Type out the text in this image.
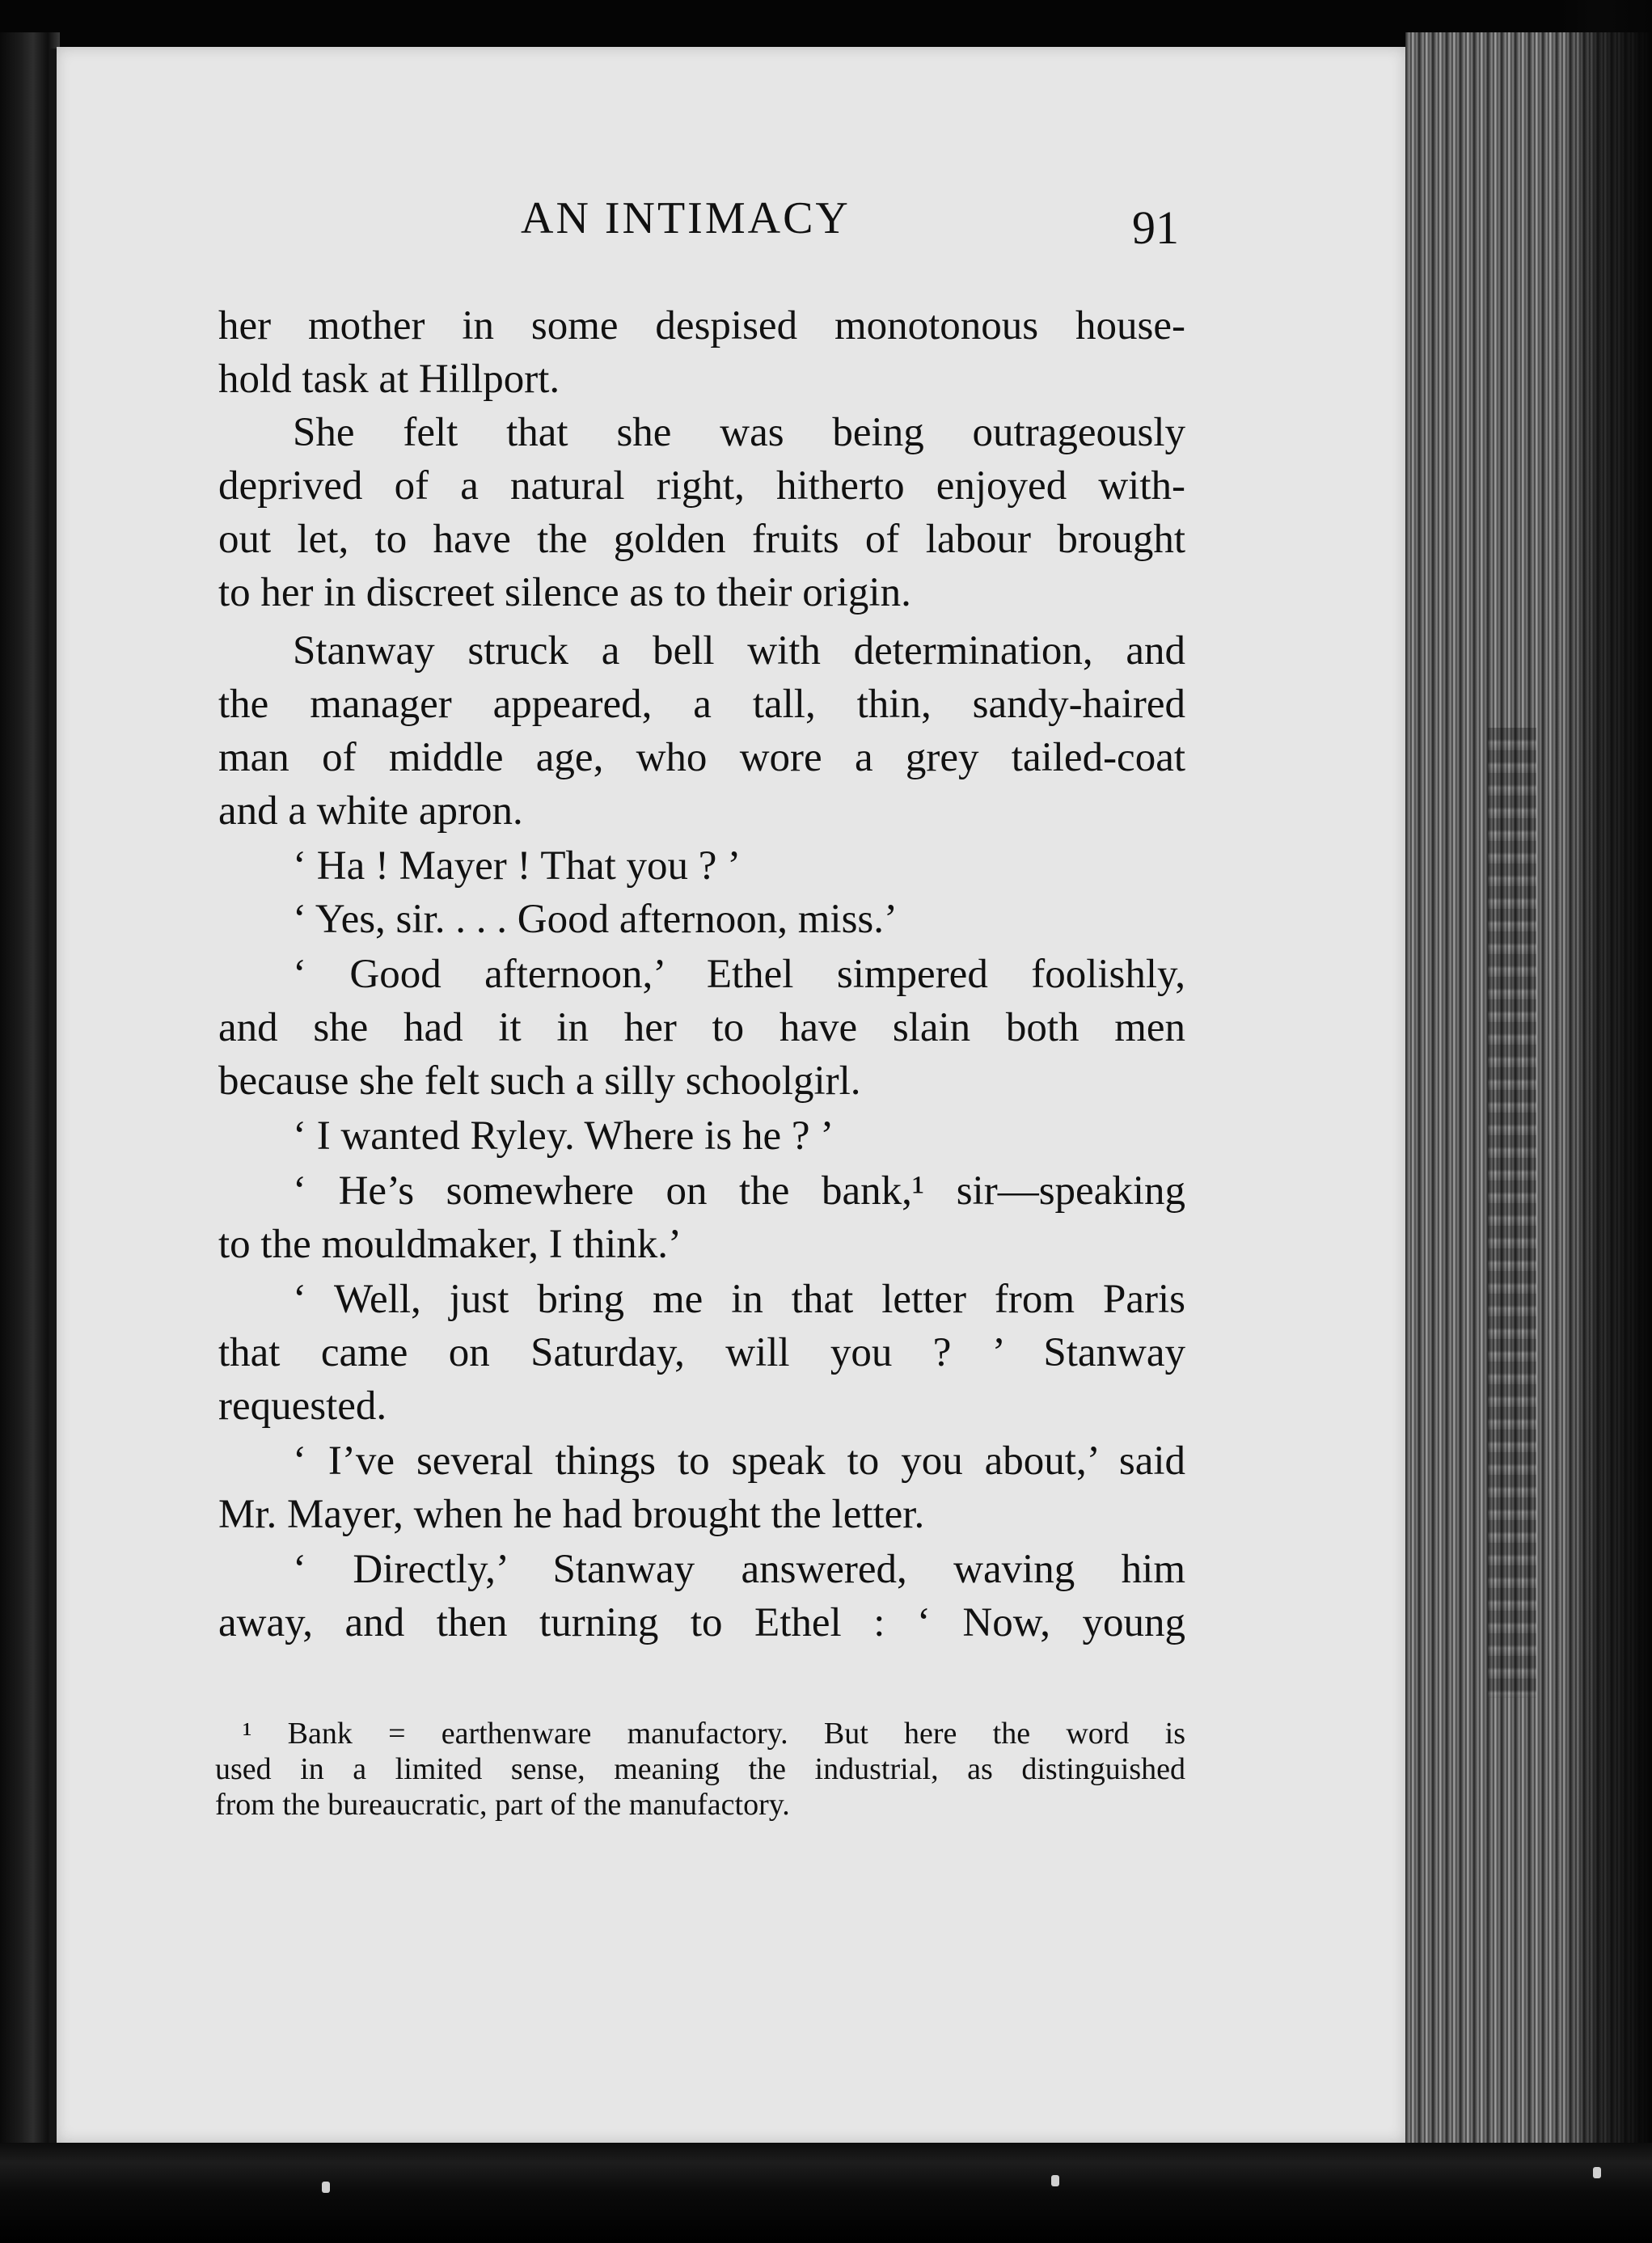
AN INTIMACY	91
her mother in some despised monotonous house-
hold task at Hillport.
She felt that she was being outrageously
deprived of a natural right, hitherto enjoyed with-
out let, to have the golden fruits of labour brought
to her in discreet silence as to their origin.
Stanway struck a bell with determination, and
the manager appeared, a tall, thin, sandy-haired
man of middle age, who wore a grey tailed-coat
and a white apron.
‘ Ha ! Mayer ! That you ? ’
‘ Yes, sir. . . . Good afternoon, miss.’
‘ Good afternoon,’ Ethel simpered foolishly,
and she had it in her to have slain both men
because she felt such a silly schoolgirl.
‘ I wanted Ryley. Where is he ? ’
‘ He’s somewhere on the bank,¹ sir—speaking
to the mouldmaker, I think.’
‘ Well, just bring me in that letter from Paris
that came on Saturday, will you ? ’ Stanway
requested.
‘ I’ve several things to speak to you about,’ said
Mr. Mayer, when he had brought the letter.
‘ Directly,’ Stanway answered, waving him
away, and then turning to Ethel : ‘ Now, young
¹ Bank = earthenware manufactory. But here the word is
used in a limited sense, meaning the industrial, as distinguished
from the bureaucratic, part of the manufactory.
